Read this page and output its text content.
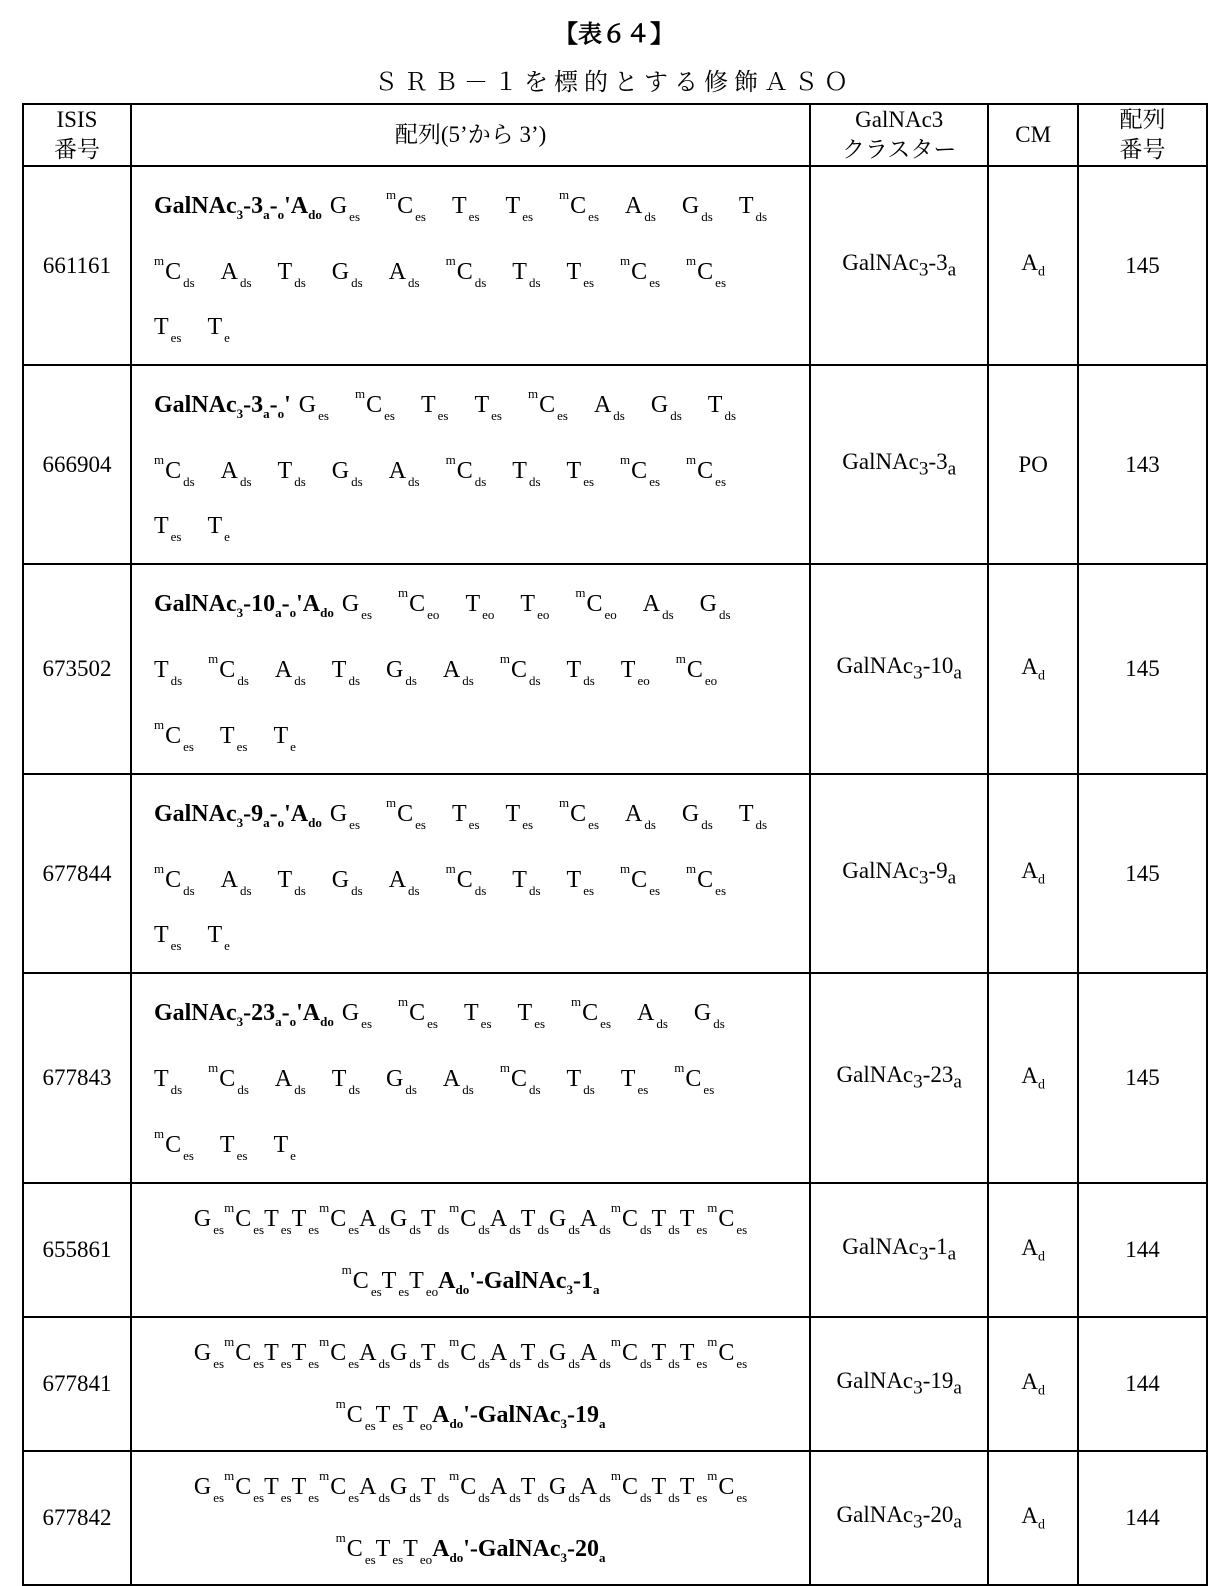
【表６４】
ＳＲＢ－１を標的とする修飾ＡＳＯ
ISIS
番号	配列(5’から 3’)	GalNAc3
クラスター	CM	配列
番号
661161	GalNAc3-3a-o'Ado G esmC es T es T esmC es A ds G ds T dsmC ds A ds T ds G ds A dsmC ds T ds T esmC esmC esT es T e	GalNAc3-3a	Ad	145
666904	GalNAc3-3a-o' G esmC es T es T esmC es A ds G ds T dsmC ds A ds T ds G ds A dsmC ds T ds T esmC esmC esT es T e	GalNAc3-3a	PO	143
673502	GalNAc3-10a-o'Ado G esmC eo T eo T eomC eo A ds G dsT dsmC ds A ds T ds G ds A dsmC ds T ds T eomC eomC es T es T e	GalNAc3-10a	Ad	145
677844	GalNAc3-9a-o'Ado G esmC es T es T esmC es A ds G ds T dsmC ds A ds T ds G ds A dsmC ds T ds T esmC esmC esT es T e	GalNAc3-9a	Ad	145
677843	GalNAc3-23a-o'Ado G esmC es T es T esmC es A ds G dsT dsmC ds A ds T ds G ds A dsmC ds T ds T esmC esmC es T es T e	GalNAc3-23a	Ad	145
655861	G esmC esT esT esmC esA dsG dsT dsmC dsA dsT dsG dsA dsmC dsT dsT esmC es
mC esT esT eoAdo'-GalNAc3-1a	GalNAc3-1a	Ad	144
677841	G esmC esT esT esmC esA dsG dsT dsmC dsA dsT dsG dsA dsmC dsT dsT esmC es
mC esT esT eoAdo'-GalNAc3-19a	GalNAc3-19a	Ad	144
677842	G esmC esT esT esmC esA dsG dsT dsmC dsA dsT dsG dsA dsmC dsT dsT esmC es
mC esT esT eoAdo'-GalNAc3-20a	GalNAc3-20a	Ad	144
